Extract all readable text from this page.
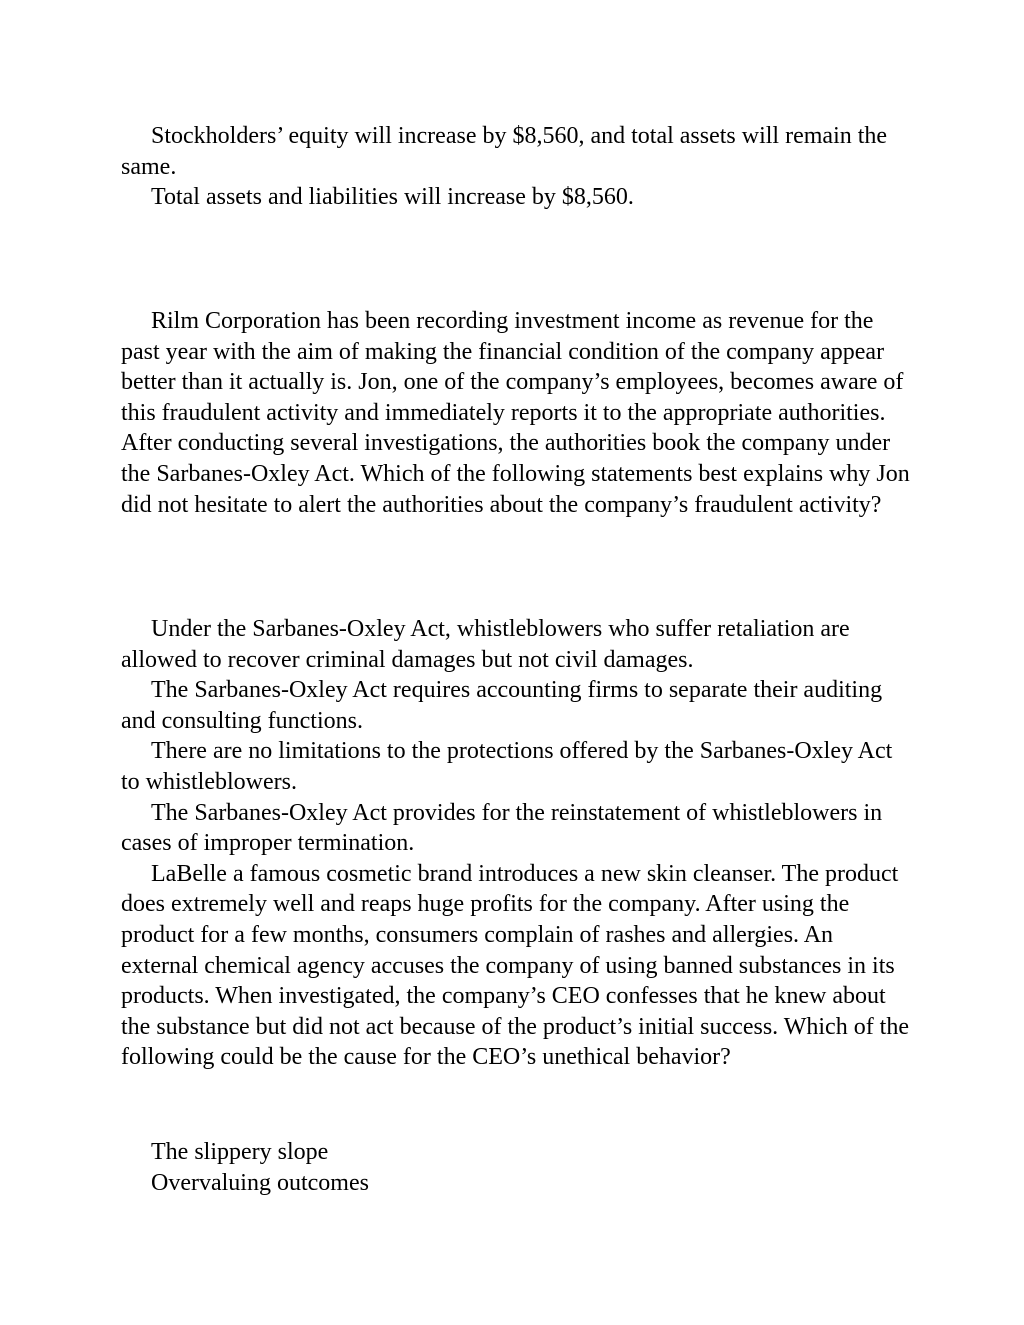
Stockholders’ equity will increase by $8,560, and total assets will remain the same.

Total assets and liabilities will increase by $8,560.

Rilm Corporation has been recording investment income as revenue for the past year with the aim of making the financial condition of the company appear better than it actually is. Jon, one of the company’s employees, becomes aware of this fraudulent activity and immediately reports it to the appropriate authorities. After conducting several investigations, the authorities book the company under the Sarbanes-Oxley Act. Which of the following statements best explains why Jon did not hesitate to alert the authorities about the company’s fraudulent activity?

Under the Sarbanes-Oxley Act, whistleblowers who suffer retaliation are allowed to recover criminal damages but not civil damages.

The Sarbanes-Oxley Act requires accounting firms to separate their auditing and consulting functions.

There are no limitations to the protections offered by the Sarbanes-Oxley Act to whistleblowers.

The Sarbanes-Oxley Act provides for the reinstatement of whistleblowers in cases of improper termination.

LaBelle a famous cosmetic brand introduces a new skin cleanser. The product does extremely well and reaps huge profits for the company. After using the product for a few months, consumers complain of rashes and allergies. An external chemical agency accuses the company of using banned substances in its products. When investigated, the company’s CEO confesses that he knew about the substance but did not act because of the product’s initial success. Which of the following could be the cause for the CEO’s unethical behavior?

The slippery slope

Overvaluing outcomes
